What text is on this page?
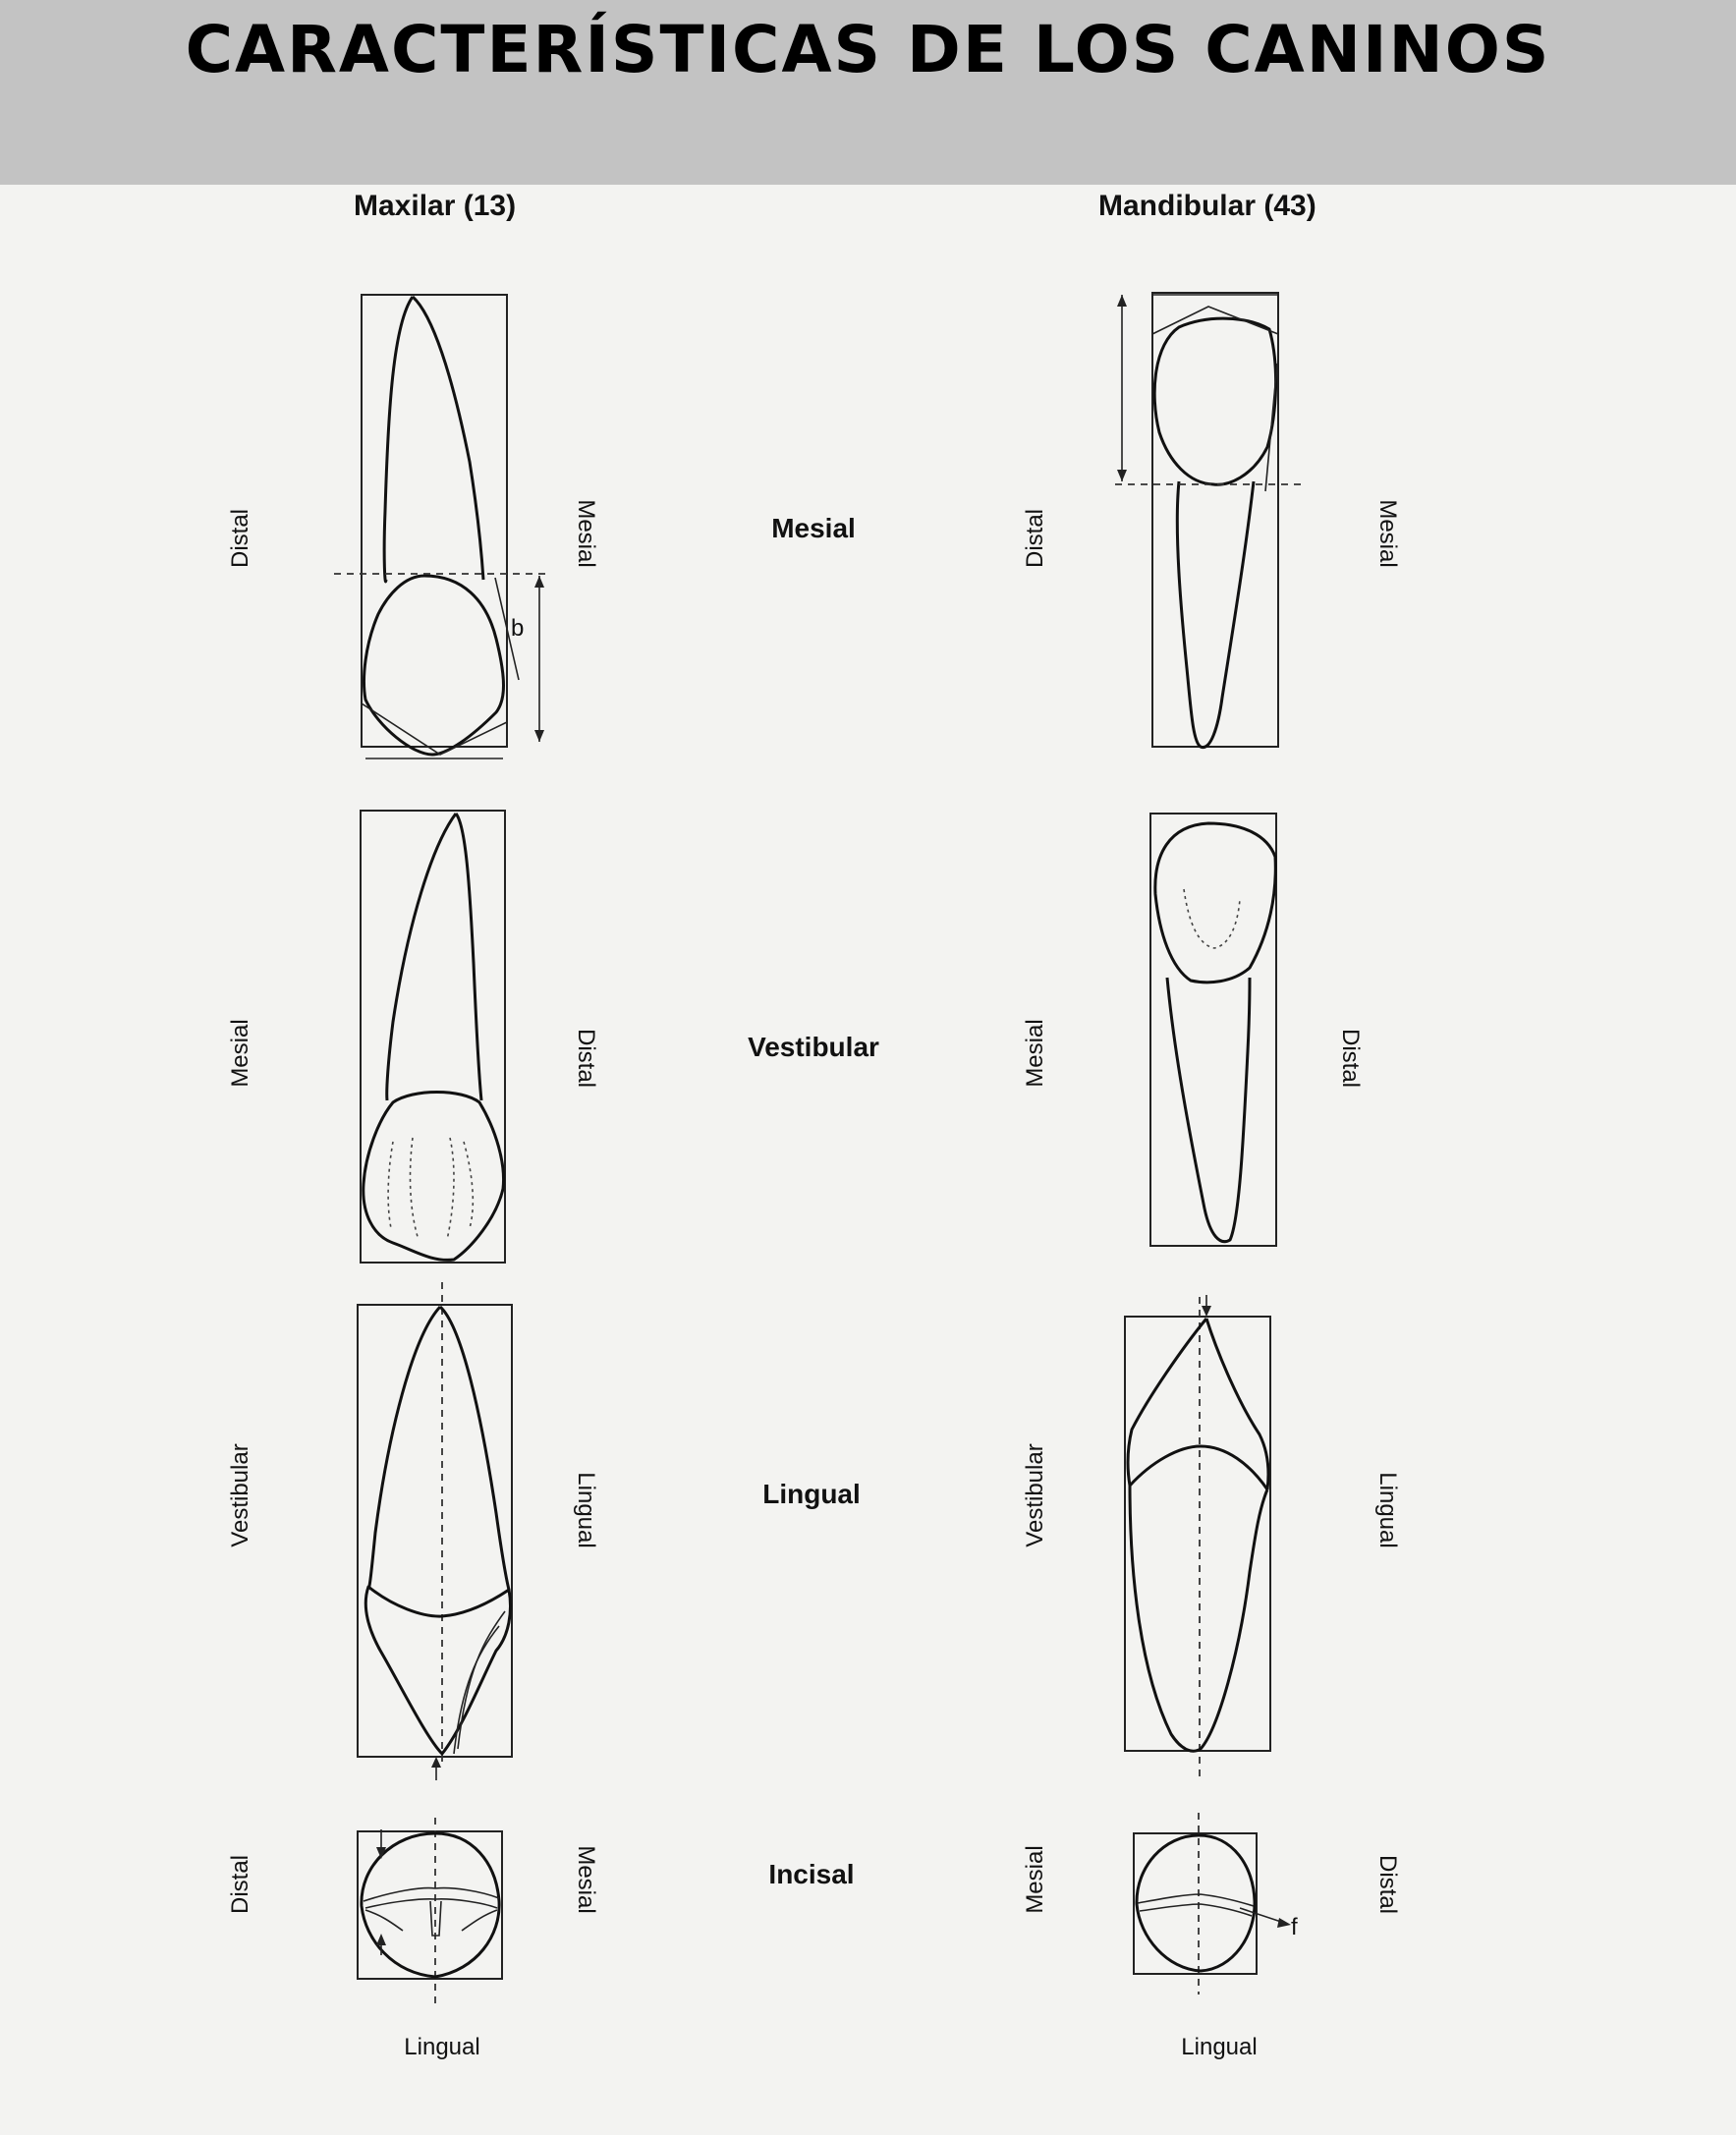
CARACTERÍSTICAS DE LOS CANINOS
Maxilar (13)	Mandibular (43)
Mesial
Vestibular
Lingual
Incisal
Distal	Mesial	Distal	Mesial
Mesial	Distal	Mesial	Distal
Vestibular	Lingual	Vestibular	Lingual
Distal	Mesial	Mesial	Distal
Lingual	Lingual
b
f
